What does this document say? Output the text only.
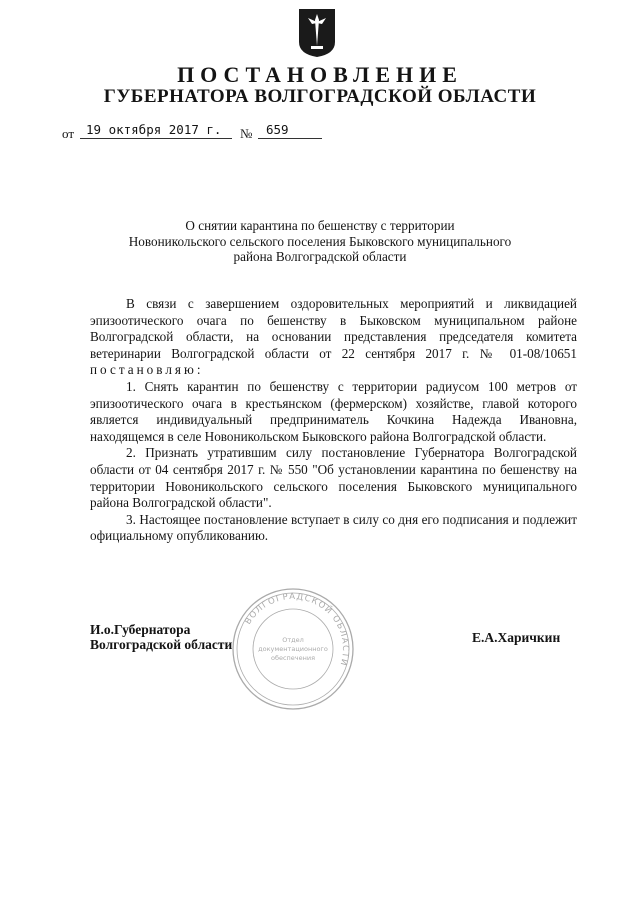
ПОСТАНОВЛЕНИЕ
ГУБЕРНАТОРА ВОЛГОГРАДСКОЙ ОБЛАСТИ
от 19 октября 2017 г. № 659
О снятии карантина по бешенству с территории
Новоникольского сельского поселения Быковского муниципального
района Волгоградской области

В связи с завершением оздоровительных мероприятий и ликвидацией эпизоотического очага по бешенству в Быковском муниципальном районе Волгоградской области, на основании представления председателя комитета ветеринарии Волгоградской области от 22 сентября 2017 г. № 01-08/10651 постановляю:

1. Снять карантин по бешенству с территории радиусом 100 метров от эпизоотического очага в крестьянском (фермерском) хозяйстве, главой которого является индивидуальный предприниматель Кочкина Надежда Ивановна, находящемся в селе Новоникольском Быковского района Волгоградской области.

2. Признать утратившим силу постановление Губернатора Волгоградской области от 04 сентября 2017 г. № 550 "Об установлении карантина по бешенству на территории Новоникольского сельского поселения Быковского муниципального района Волгоградской области".

3. Настоящее постановление вступает в силу со дня его подписания и подлежит официальному опубликованию.

ВОЛГОГРАДСКОЙ ОБЛАСТИ
Отдел
документационного
обеспечения
И.о.Губернатора
Волгоградской области	Е.А.Харичкин
